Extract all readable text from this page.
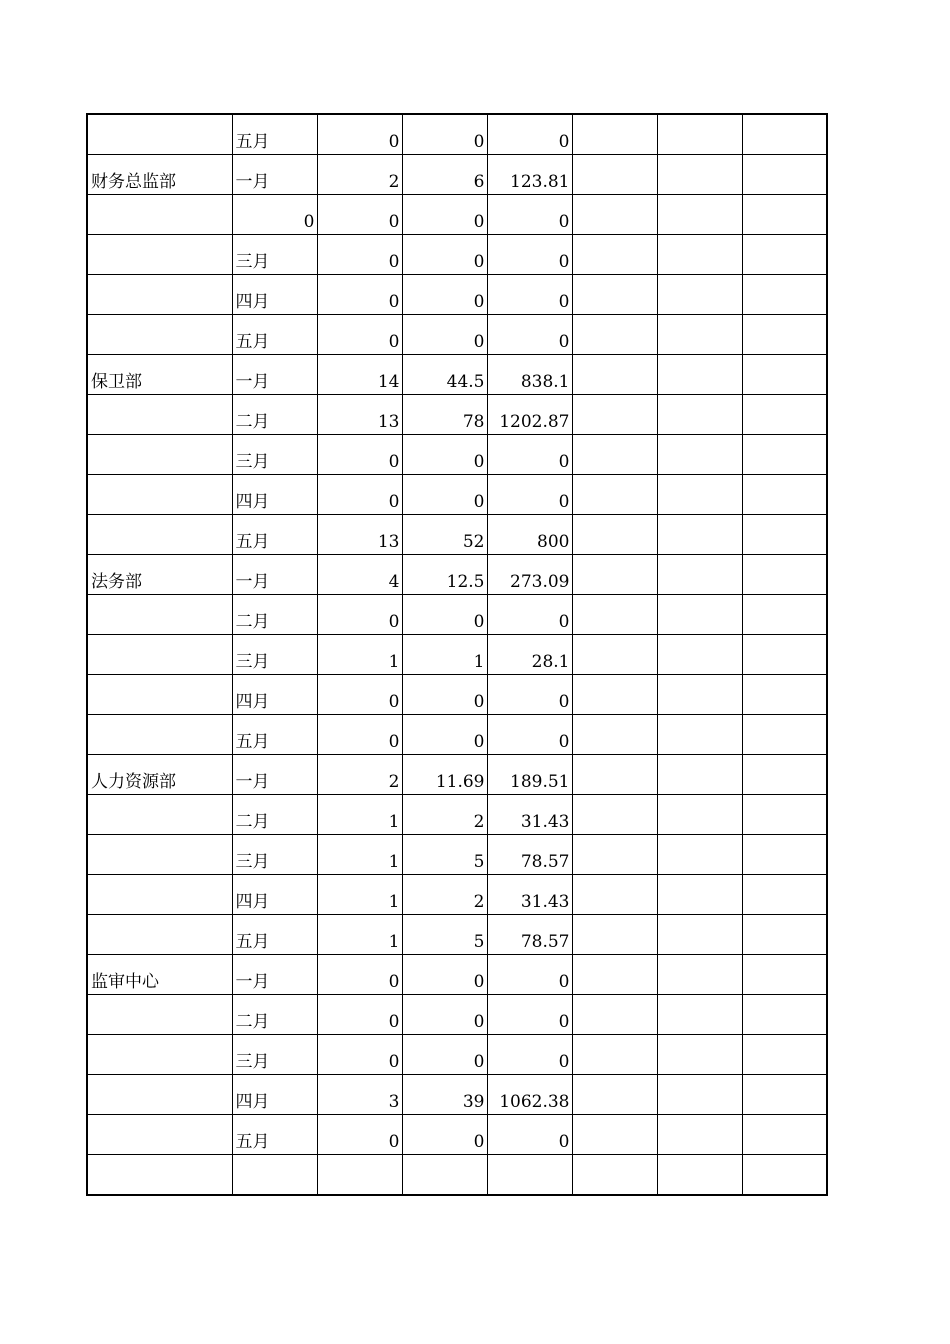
	五月	0	0	0			
财务总监部	一月	2	6	123.81			
	0	0	0	0			
	三月	0	0	0			
	四月	0	0	0			
	五月	0	0	0			
保卫部	一月	14	44.5	838.1			
	二月	13	78	1202.87			
	三月	0	0	0			
	四月	0	0	0			
	五月	13	52	800			
法务部	一月	4	12.5	273.09			
	二月	0	0	0			
	三月	1	1	28.1			
	四月	0	0	0			
	五月	0	0	0			
人力资源部	一月	2	11.69	189.51			
	二月	1	2	31.43			
	三月	1	5	78.57			
	四月	1	2	31.43			
	五月	1	5	78.57			
监审中心	一月	0	0	0			
	二月	0	0	0			
	三月	0	0	0			
	四月	3	39	1062.38			
	五月	0	0	0			
